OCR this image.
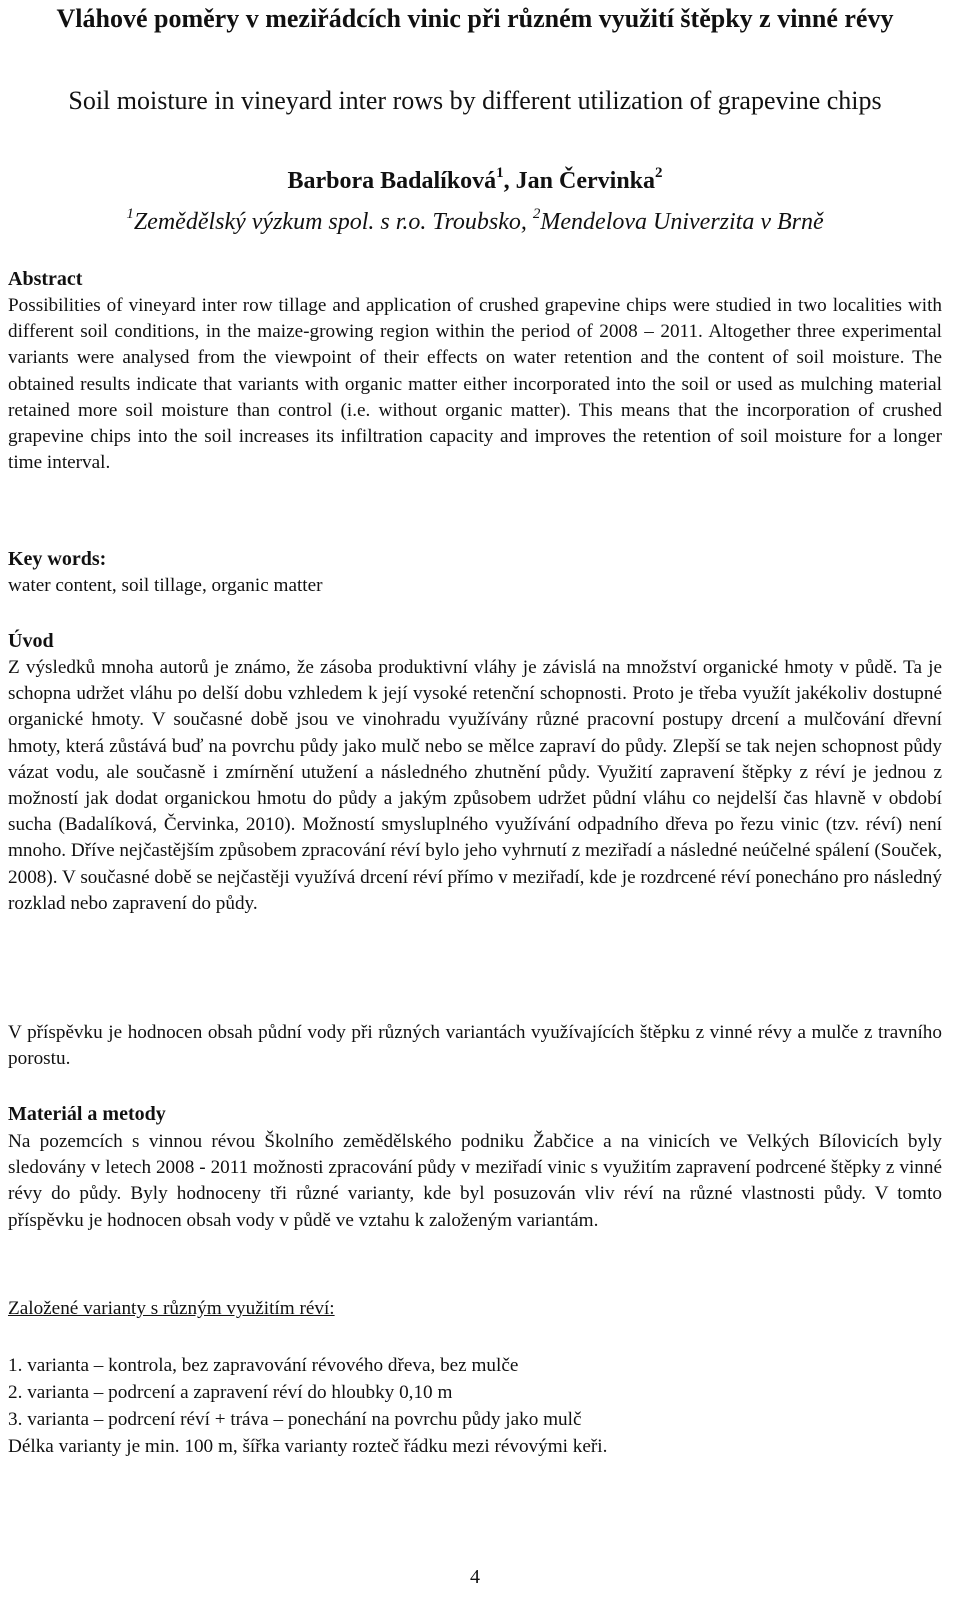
Vláhové poměry v meziřádcích vinic při různém využití štěpky z vinné révy
Soil moisture in vineyard inter rows by different utilization of grapevine chips
Barbora Badalíková$^1$, Jan Červinka$^2$
$^1$Zemědělský výzkum spol. s r.o. Troubsko, $^2$Mendelova Univerzita v Brně
Abstract
Possibilities of vineyard inter row tillage and application of crushed grapevine chips were studied in two localities with different soil conditions, in the maize-growing region within the period of 2008 – 2011. Altogether three experimental variants were analysed from the viewpoint of their effects on water retention and the content of soil moisture. The obtained results indicate that variants with organic matter either incorporated into the soil or used as mulching material retained more soil moisture than control (i.e. without organic matter). This means that the incorporation of crushed grapevine chips into the soil increases its infiltration capacity and improves the retention of soil moisture for a longer time interval.
Key words:
water content, soil tillage, organic matter
Úvod
Z výsledků mnoha autorů je známo, že zásoba produktivní vláhy je závislá na množství organické hmoty v půdě. Ta je schopna udržet vláhu po delší dobu vzhledem k její vysoké retenční schopnosti. Proto je třeba využít jakékoliv dostupné organické hmoty. V současné době jsou ve vinohradu využívány různé pracovní postupy drcení a mulčování dřevní hmoty, která zůstává buď na povrchu půdy jako mulč nebo se mělce zapraví do půdy. Zlepší se tak nejen schopnost půdy vázat vodu, ale současně i zmírnění utužení a následného zhutnění půdy. Využití zapravení štěpky z réví je jednou z možností jak dodat organickou hmotu do půdy a jakým způsobem udržet půdní vláhu co nejdelší čas hlavně v období sucha (Badalíková, Červinka, 2010). Možností smysluplného využívání odpadního dřeva po řezu vinic (tzv. réví) není mnoho. Dříve nejčastějším způsobem zpracování réví bylo jeho vyhrnutí z meziřadí a následné neúčelné spálení (Souček, 2008). V současné době se nejčastěji využívá drcení réví přímo v meziřadí, kde je rozdrcené réví ponecháno pro následný rozklad nebo zapravení do půdy.
V příspěvku je hodnocen obsah půdní vody při různých variantách využívajících štěpku z vinné révy a mulče z travního porostu.
Materiál a metody
Na pozemcích s vinnou révou Školního zemědělského podniku Žabčice a na vinicích ve Velkých Bílovicích byly sledovány v letech 2008 - 2011 možnosti zpracování půdy v meziřadí vinic s využitím zapravení podrcené štěpky z vinné révy do půdy. Byly hodnoceny tři různé varianty, kde byl posuzován vliv réví na různé vlastnosti půdy. V tomto příspěvku je hodnocen obsah vody v půdě ve vztahu k založeným variantám.
Založené varianty s různým využitím réví:
1. varianta – kontrola, bez zapravování révového dřeva, bez mulče
2. varianta – podrcení a zapravení réví do hloubky 0,10 m
3. varianta – podrcení réví + tráva – ponechání na povrchu půdy jako mulč
Délka varianty je min. 100 m, šířka varianty rozteč řádku mezi révovými keři.
4
